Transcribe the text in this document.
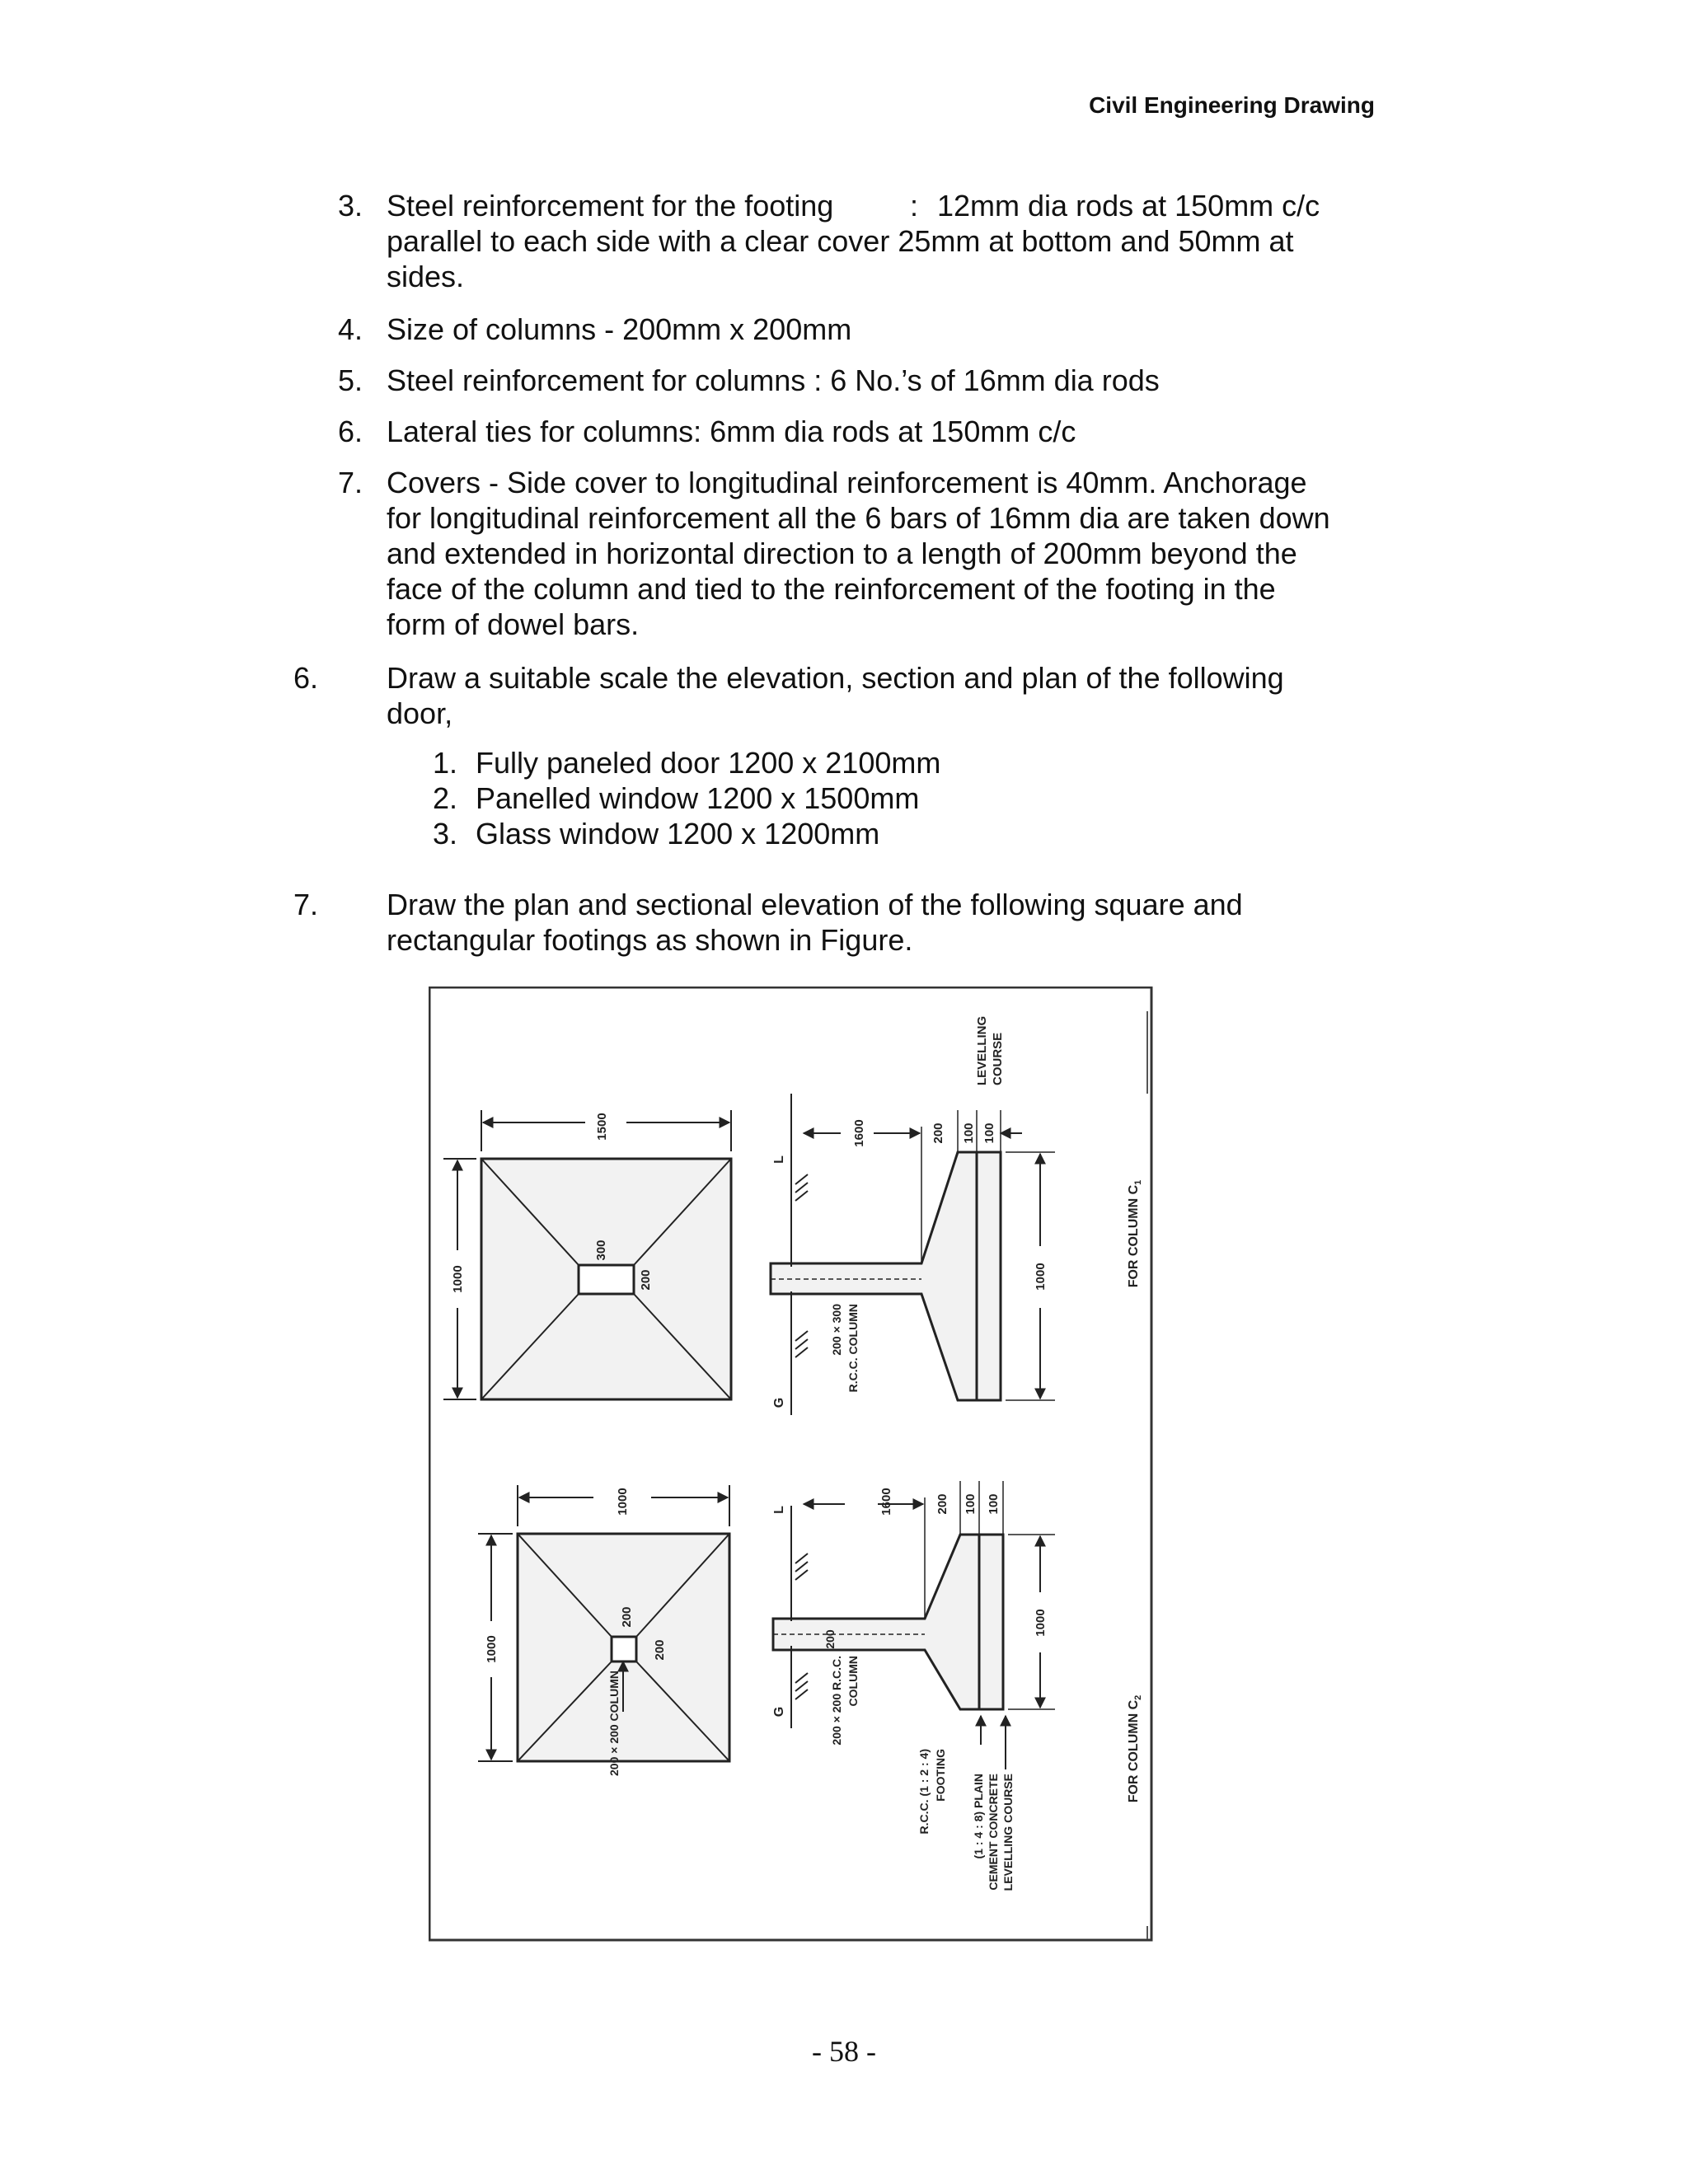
Civil Engineering Drawing
3. Steel reinforcement for the footing	: 12mm dia rods at 150mm c/c
parallel to each side with a clear cover 25mm at bottom and 50mm at
sides.
4. Size of columns - 200mm x 200mm
5. Steel reinforcement for columns : 6 No.’s of 16mm dia rods
6. Lateral ties for columns: 6mm dia rods at 150mm c/c
7. Covers - Side cover to longitudinal reinforcement is 40mm. Anchorage
for longitudinal reinforcement all the 6 bars of 16mm dia are taken down
and extended in horizontal direction to a length of 200mm beyond the
face of the column and tied to the reinforcement of the footing in the
form of dowel bars.
6. Draw a suitable scale the elevation, section and plan of the following
door,
1. Fully paneled door 1200 x 2100mm
2. Panelled window 1200 x 1500mm
3. Glass window 1200 x 1200mm
7. Draw the plan and sectional elevation of the following square and
rectangular footings as shown in Figure.
1500
1000
300
200
L
G
1600	200 100 100
LEVELLING COURSE
1000
200 × 300 R.C.C. COLUMN
FOR COLUMN $C_1$
1000
1000
200
200
200 × 200 COLUMN
L
G
1600	200 100 100
1000
200
200 × 200 R.C.C. COLUMN
R.C.C. (1 : 2 : 4) FOOTING (1 : 4 : 8) PLAIN CEMENT CONCRETE LEVELLING COURSE
FOR COLUMN $C_2$
- 58 -
